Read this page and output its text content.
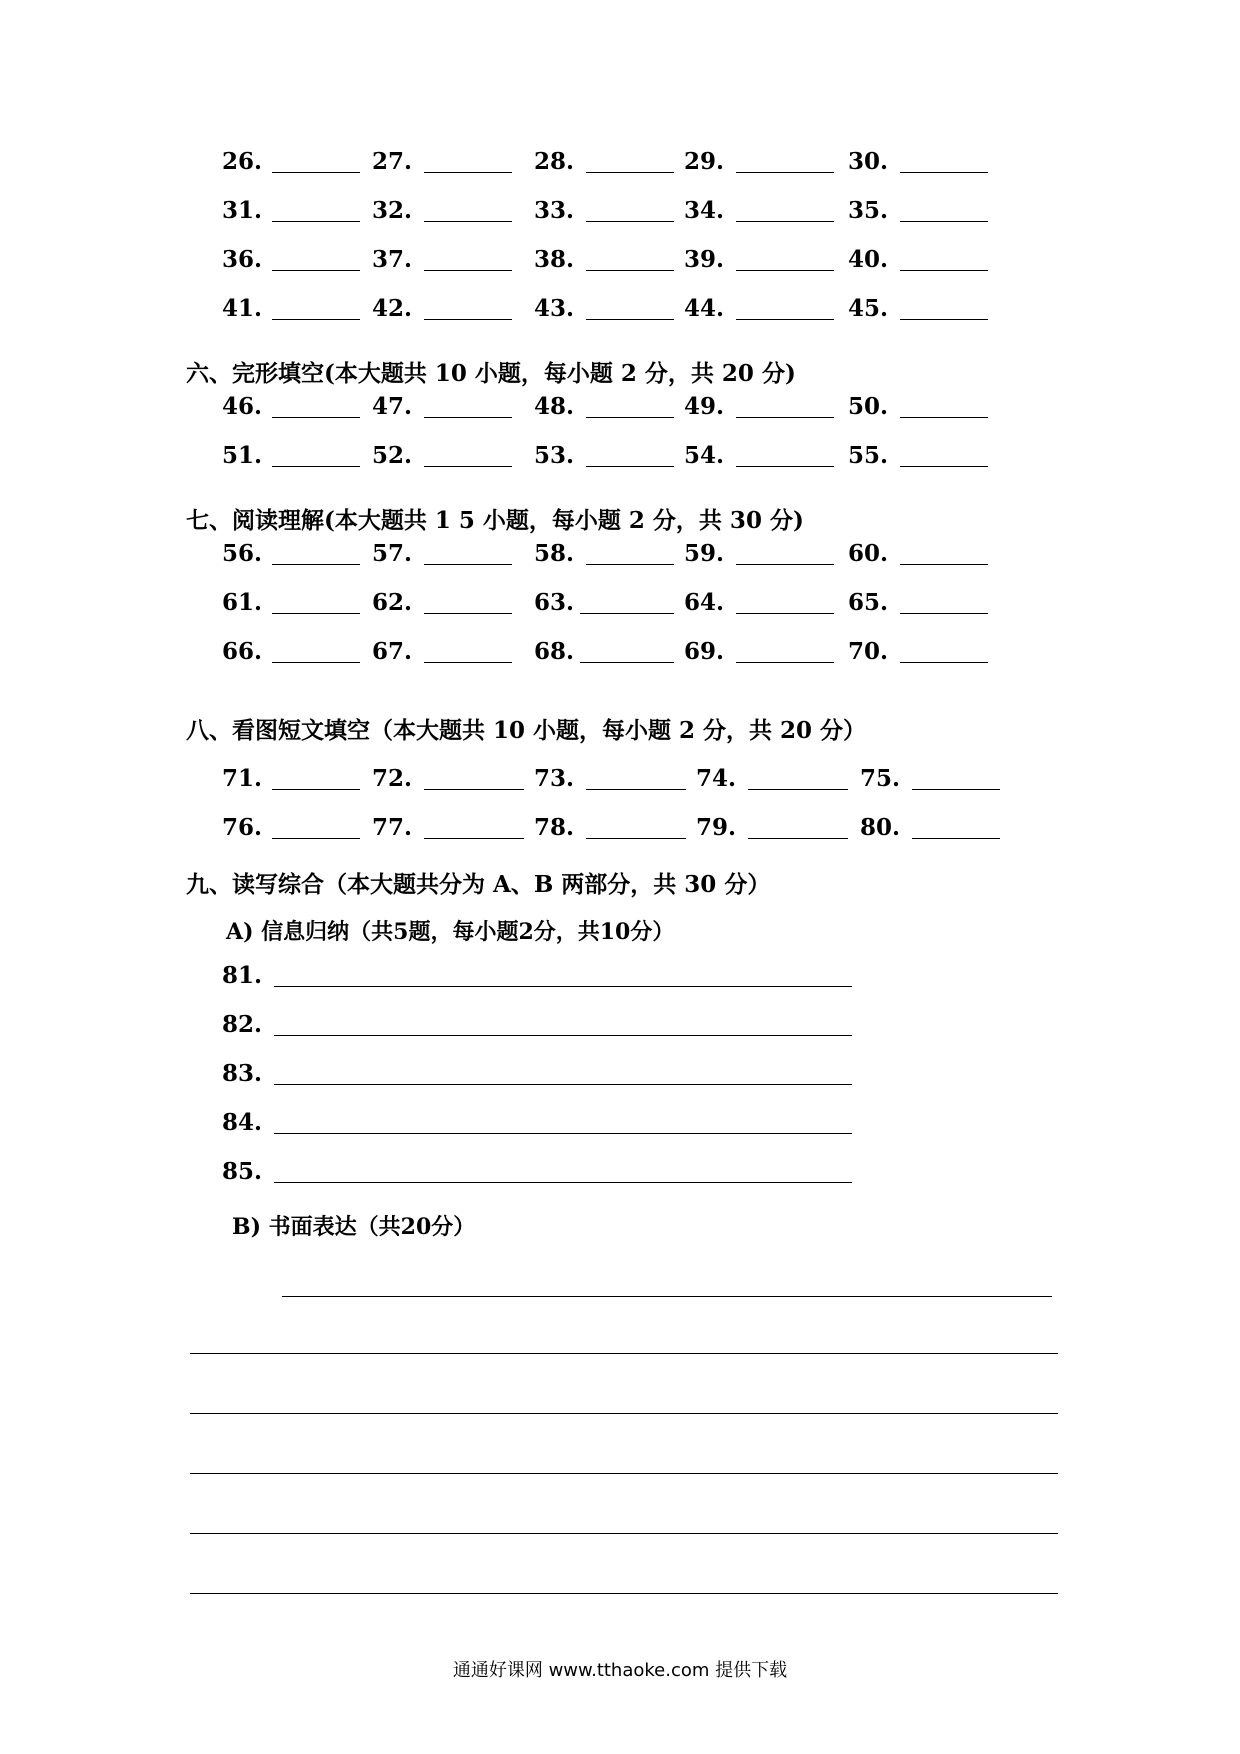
26.	27.	28.	29.	30.
31.	32.	33.	34.	35.
36.	37.	38.	39.	40.
41.	42.	43.	44.	45.
六、完形填空(本大题共 10 小题，每小题 2 分，共 20 分)
46.	47.	48.	49.	50.
51.	52.	53.	54.	55.
七、阅读理解(本大题共 1 5 小题，每小题 2 分，共 30 分)
56.	57.	58.	59.	60.
61.	62.	63.	64.	65.
66.	67.	68.	69.	70.
八、看图短文填空（本大题共 10 小题，每小题 2 分，共 20 分）
71.	72.	73.	74.	75.
76.	77.	78.	79.	80.
九、读写综合（本大题共分为 A、B 两部分，共 30 分）
A) 信息归纳（共5题，每小题2分，共10分）
81.
82.
83.
84.
85.
B) 书面表达（共20分）
通通好课网 www.tthaoke.com 提供下载
